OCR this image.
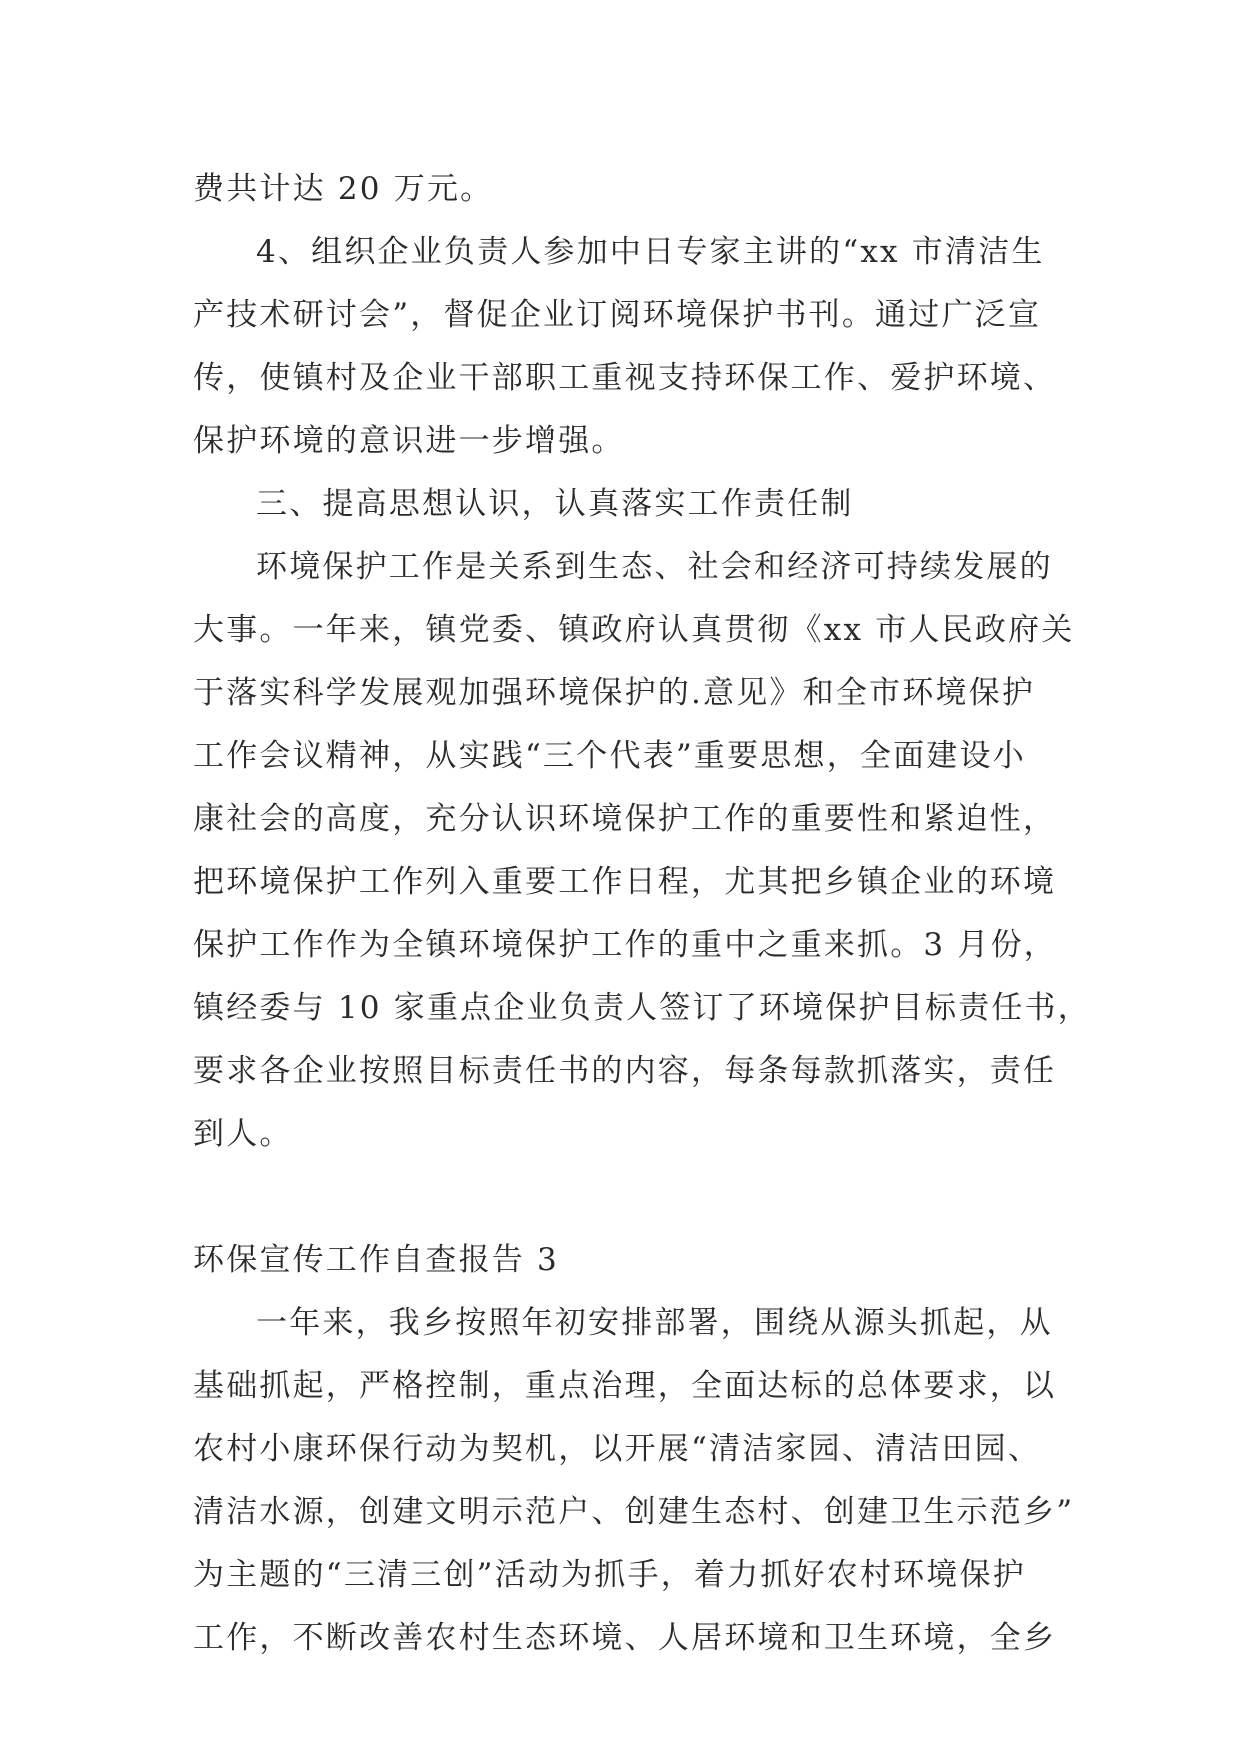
费共计达 20 万元。
4、组织企业负责人参加中日专家主讲的“xx 市清洁生
产技术研讨会”，督促企业订阅环境保护书刊。通过广泛宣
传，使镇村及企业干部职工重视支持环保工作、爱护环境、
保护环境的意识进一步增强。
三、提高思想认识，认真落实工作责任制
环境保护工作是关系到生态、社会和经济可持续发展的
大事。一年来，镇党委、镇政府认真贯彻《xx 市人民政府关
于落实科学发展观加强环境保护的.意见》和全市环境保护
工作会议精神，从实践“三个代表”重要思想，全面建设小
康社会的高度，充分认识环境保护工作的重要性和紧迫性，
把环境保护工作列入重要工作日程，尤其把乡镇企业的环境
保护工作作为全镇环境保护工作的重中之重来抓。3 月份，
镇经委与 10 家重点企业负责人签订了环境保护目标责任书，
要求各企业按照目标责任书的内容，每条每款抓落实，责任
到人。
环保宣传工作自查报告 3
一年来，我乡按照年初安排部署，围绕从源头抓起，从
基础抓起，严格控制，重点治理，全面达标的总体要求，以
农村小康环保行动为契机，以开展“清洁家园、清洁田园、
清洁水源，创建文明示范户、创建生态村、创建卫生示范乡”
为主题的“三清三创”活动为抓手，着力抓好农村环境保护
工作，不断改善农村生态环境、人居环境和卫生环境，全乡
